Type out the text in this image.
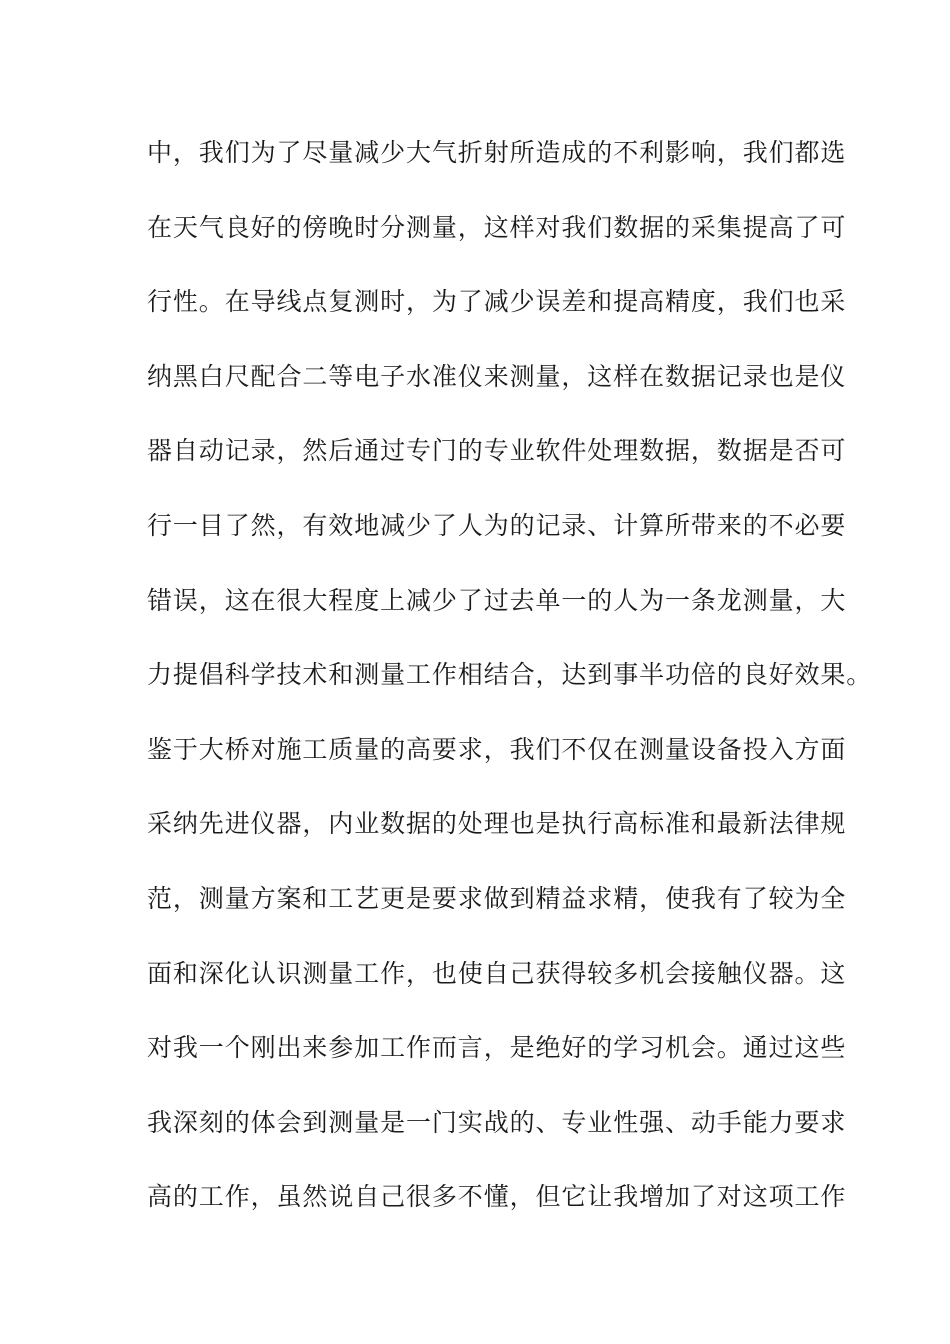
中，我们为了尽量减少大气折射所造成的不利影响，我们都选
在天气良好的傍晚时分测量，这样对我们数据的采集提高了可
行性。在导线点复测时，为了减少误差和提高精度，我们也采
纳黑白尺配合二等电子水准仪来测量，这样在数据记录也是仪
器自动记录，然后通过专门的专业软件处理数据，数据是否可
行一目了然，有效地减少了人为的记录、计算所带来的不必要
错误，这在很大程度上减少了过去单一的人为一条龙测量，大
力提倡科学技术和测量工作相结合，达到事半功倍的良好效果。
鉴于大桥对施工质量的高要求，我们不仅在测量设备投入方面
采纳先进仪器，内业数据的处理也是执行高标准和最新法律规
范，测量方案和工艺更是要求做到精益求精，使我有了较为全
面和深化认识测量工作，也使自己获得较多机会接触仪器。这
对我一个刚出来参加工作而言，是绝好的学习机会。通过这些
我深刻的体会到测量是一门实战的、专业性强、动手能力要求
高的工作，虽然说自己很多不懂，但它让我增加了对这项工作
